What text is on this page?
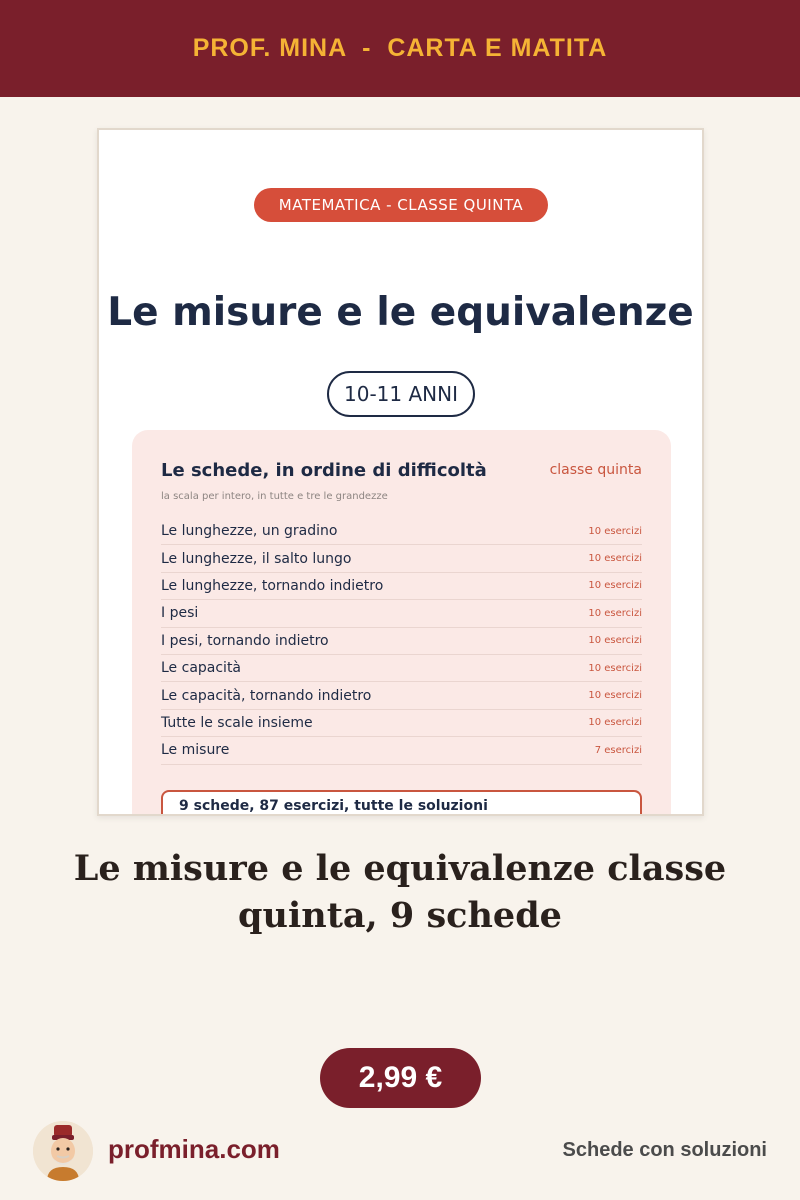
PROF. MINA  -  CARTA E MATITA
MATEMATICA - CLASSE QUINTA
Le misure e le equivalenze
10-11 ANNI
Le schede, in ordine di difficoltà	classe quinta
la scala per intero, in tutte e tre le grandezze
Le lunghezze, un gradino	10 esercizi
Le lunghezze, il salto lungo	10 esercizi
Le lunghezze, tornando indietro	10 esercizi
I pesi	10 esercizi
I pesi, tornando indietro	10 esercizi
Le capacità	10 esercizi
Le capacità, tornando indietro	10 esercizi
Tutte le scale insieme	10 esercizi
Le misure	7 esercizi
9 schede, 87 esercizi, tutte le soluzioni
Le misure e le equivalenze classe quinta, 9 schede
2,99 €
profmina.com	Schede con soluzioni
